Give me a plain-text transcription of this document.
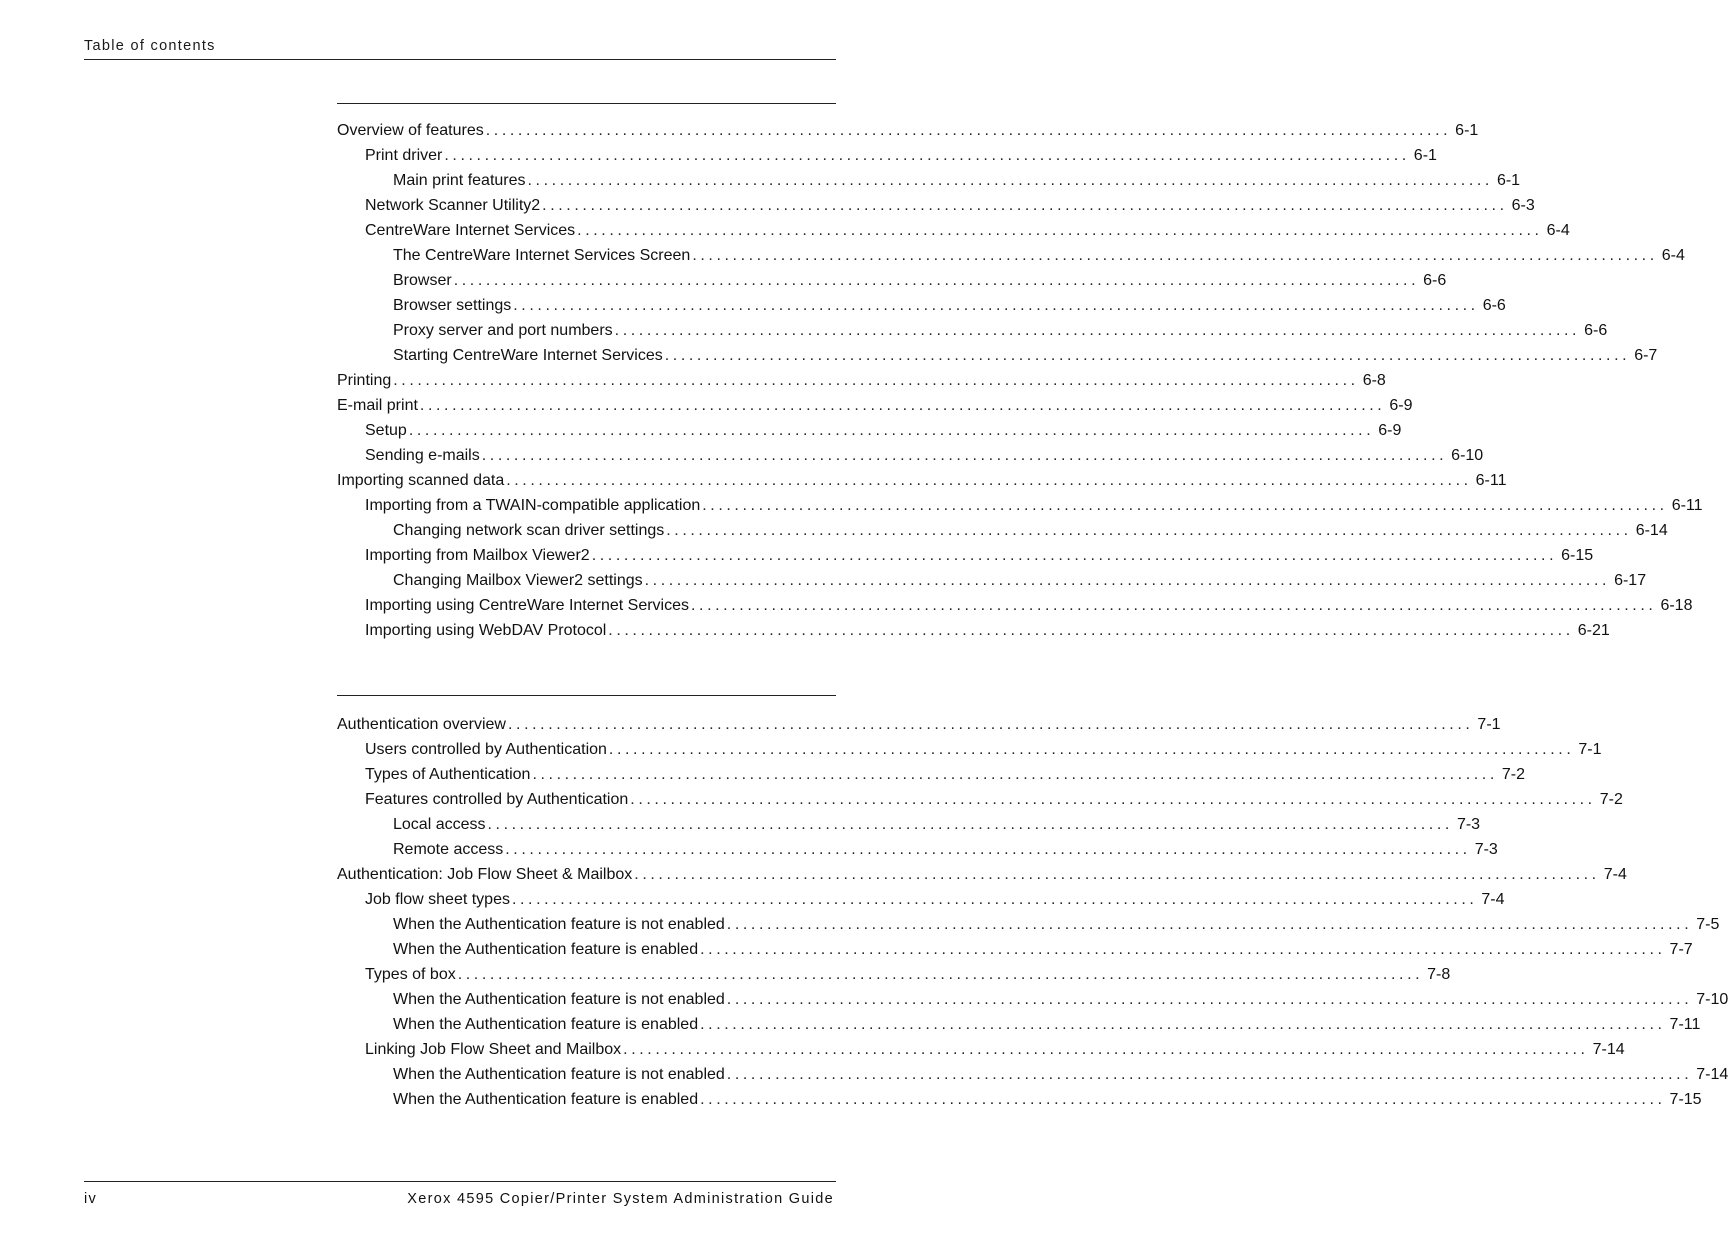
Table of contents
Overview of features ........................................................................................................................ 6-1
Print driver ........................................................................................................................ 6-1
Main print features ........................................................................................................................ 6-1
Network Scanner Utility2 ........................................................................................................................ 6-3
CentreWare Internet Services ........................................................................................................................ 6-4
The CentreWare Internet Services Screen ........................................................................................................................ 6-4
Browser ........................................................................................................................ 6-6
Browser settings ........................................................................................................................ 6-6
Proxy server and port numbers ........................................................................................................................ 6-6
Starting CentreWare Internet Services ........................................................................................................................ 6-7
Printing ........................................................................................................................ 6-8
E-mail print ........................................................................................................................ 6-9
Setup ........................................................................................................................ 6-9
Sending e-mails ........................................................................................................................ 6-10
Importing scanned data ........................................................................................................................ 6-11
Importing from a TWAIN-compatible application ........................................................................................................................ 6-11
Changing network scan driver settings ........................................................................................................................ 6-14
Importing from Mailbox Viewer2 ........................................................................................................................ 6-15
Changing Mailbox Viewer2 settings ........................................................................................................................ 6-17
Importing using CentreWare Internet Services ........................................................................................................................ 6-18
Importing using WebDAV Protocol ........................................................................................................................ 6-21
Authentication overview ........................................................................................................................ 7-1
Users controlled by Authentication ........................................................................................................................ 7-1
Types of Authentication ........................................................................................................................ 7-2
Features controlled by Authentication ........................................................................................................................ 7-2
Local access ........................................................................................................................ 7-3
Remote access ........................................................................................................................ 7-3
Authentication: Job Flow Sheet & Mailbox ........................................................................................................................ 7-4
Job flow sheet types ........................................................................................................................ 7-4
When the Authentication feature is not enabled ........................................................................................................................ 7-5
When the Authentication feature is enabled ........................................................................................................................ 7-7
Types of box ........................................................................................................................ 7-8
When the Authentication feature is not enabled ........................................................................................................................ 7-10
When the Authentication feature is enabled ........................................................................................................................ 7-11
Linking Job Flow Sheet and Mailbox ........................................................................................................................ 7-14
When the Authentication feature is not enabled ........................................................................................................................ 7-14
When the Authentication feature is enabled ........................................................................................................................ 7-15
iv	Xerox 4595 Copier/Printer System Administration Guide
